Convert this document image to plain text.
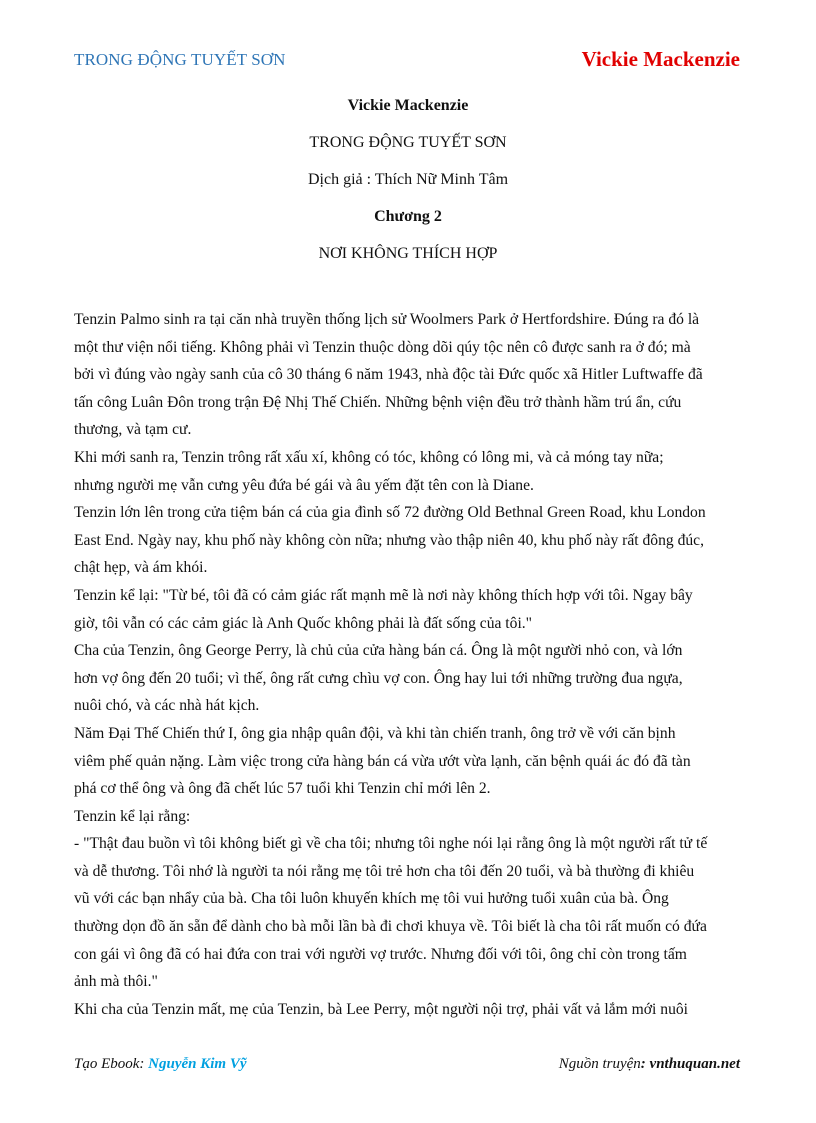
TRONG ĐỘNG TUYẾT SƠN	Vickie Mackenzie
Vickie Mackenzie
TRONG ĐỘNG TUYẾT SƠN
Dịch giả : Thích Nữ Minh Tâm
Chương 2
NƠI KHÔNG THÍCH HỢP

Tenzin Palmo sinh ra tại căn nhà truyền thống lịch sử Woolmers Park ở Hertfordshire. Đúng ra đó là
một thư viện nổi tiếng. Không phải vì Tenzin thuộc dòng dõi qúy tộc nên cô được sanh ra ở đó; mà
bởi vì đúng vào ngày sanh của cô 30 tháng 6 năm 1943, nhà độc tài Đức quốc xã Hitler Luftwaffe đã
tấn công Luân Đôn trong trận Đệ Nhị Thế Chiến. Những bệnh viện đều trở thành hầm trú ẩn, cứu
thương, và tạm cư.

Khi mới sanh ra, Tenzin trông rất xấu xí, không có tóc, không có lông mi, và cả móng tay nữa;
nhưng người mẹ vẫn cưng yêu đứa bé gái và âu yếm đặt tên con là Diane.

Tenzin lớn lên trong cửa tiệm bán cá của gia đình số 72 đường Old Bethnal Green Road, khu London
East End. Ngày nay, khu phố này không còn nữa; nhưng vào thập niên 40, khu phố này rất đông đúc,
chật hẹp, và ám khói.

Tenzin kể lại: "Từ bé, tôi đã có cảm giác rất mạnh mẽ là nơi này không thích hợp với tôi. Ngay bây
giờ, tôi vẫn có các cảm giác là Anh Quốc không phải là đất sống của tôi."

Cha của Tenzin, ông George Perry, là chủ của cửa hàng bán cá. Ông là một người nhỏ con, và lớn
hơn vợ ông đến 20 tuổi; vì thế, ông rất cưng chìu vợ con. Ông hay lui tới những trường đua ngựa,
nuôi chó, và các nhà hát kịch.

Năm Đại Thế Chiến thứ I, ông gia nhập quân đội, và khi tàn chiến tranh, ông trở về với căn bịnh
viêm phế quản nặng. Làm việc trong cửa hàng bán cá vừa ướt vừa lạnh, căn bệnh quái ác đó đã tàn
phá cơ thể ông và ông đã chết lúc 57 tuổi khi Tenzin chỉ mới lên 2.

Tenzin kể lại rằng:

- "Thật đau buồn vì tôi không biết gì về cha tôi; nhưng tôi nghe nói lại rằng ông là một người rất tử tế
và dễ thương. Tôi nhớ là người ta nói rằng mẹ tôi trẻ hơn cha tôi đến 20 tuổi, và bà thường đi khiêu
vũ với các bạn nhẩy của bà. Cha tôi luôn khuyến khích mẹ tôi vui hưởng tuổi xuân của bà. Ông
thường dọn đồ ăn sẵn để dành cho bà mỗi lần bà đi chơi khuya về. Tôi biết là cha tôi rất muốn có đứa
con gái vì ông đã có hai đứa con trai với người vợ trước. Nhưng đối với tôi, ông chỉ còn trong tấm
ảnh mà thôi."

Khi cha của Tenzin mất, mẹ của Tenzin, bà Lee Perry, một người nội trợ, phải vất vả lắm mới nuôi

Tạo Ebook: Nguyễn Kim Vỹ	Nguồn truyện: vnthuquan.net
